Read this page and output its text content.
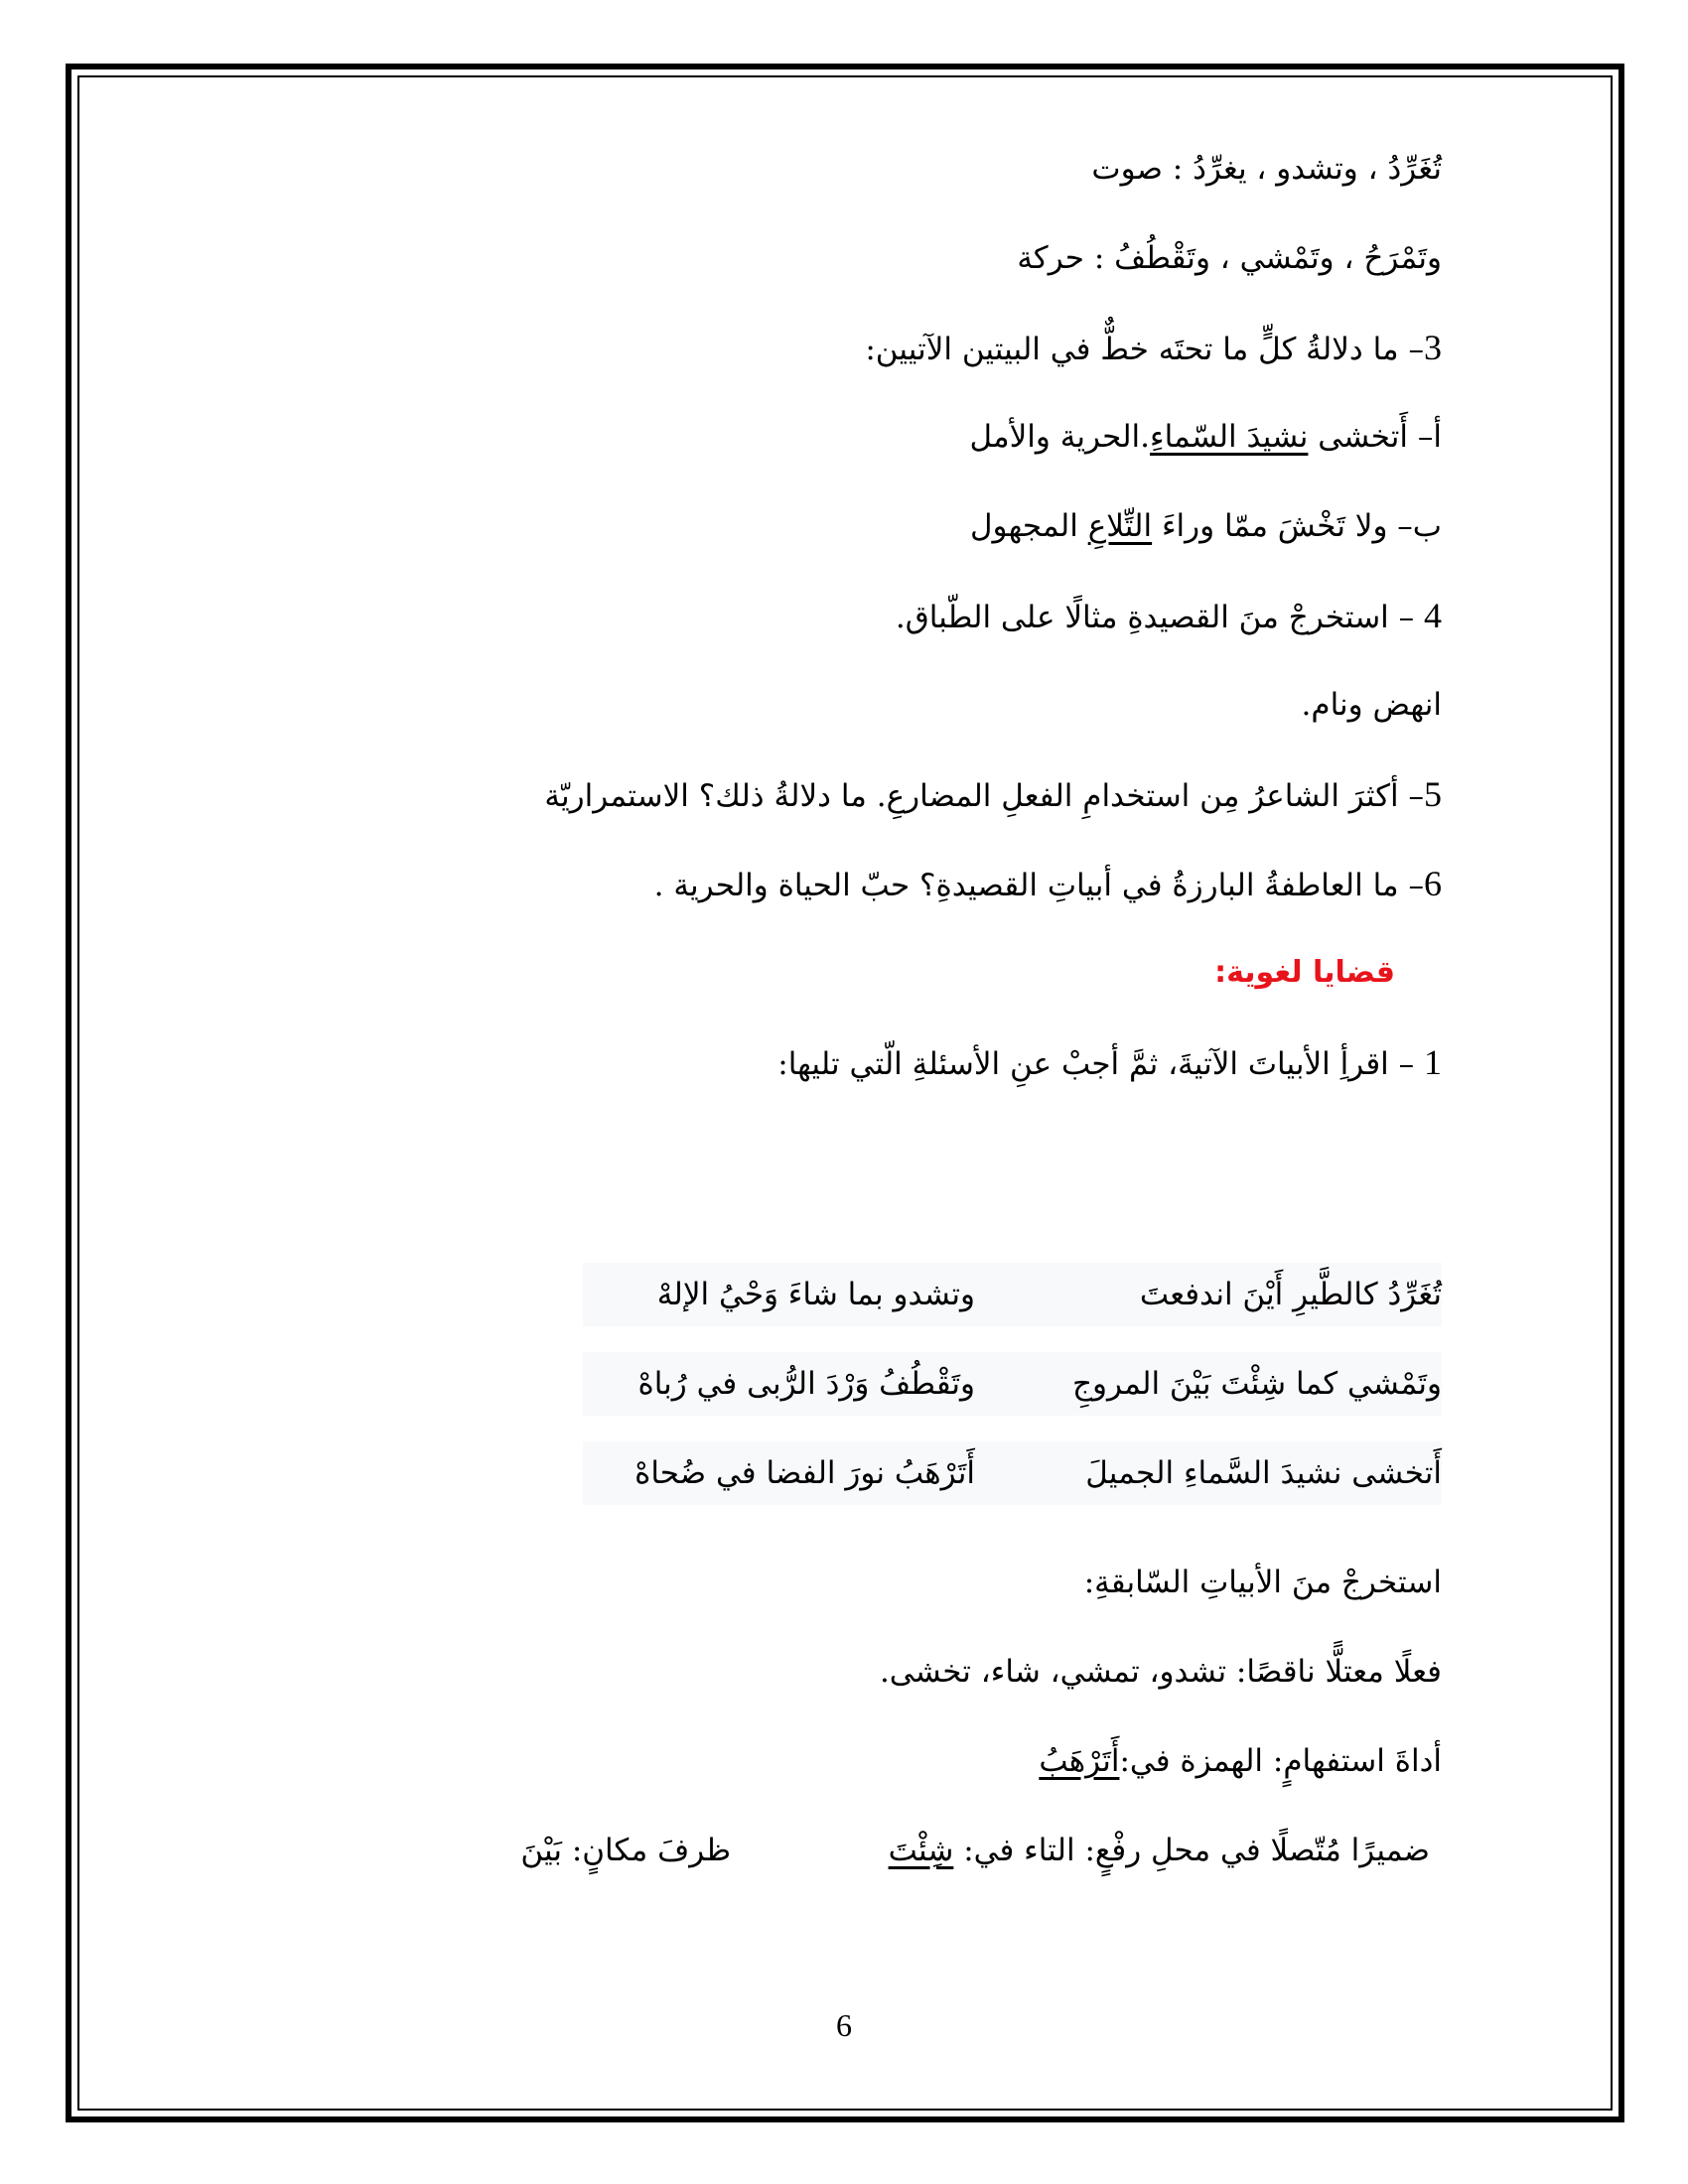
تُغَرِّدُ ، وتشدو ، يغرِّدُ : صوت
وتَمْرَحُ ، وتَمْشي ، وتَقْطُفُ : حركة
3– ما دلالةُ كلٍّ ما تحتَه خطٌّ في البيتين الآتيين:
أ– أَتخشى نشيدَ السّماءِ.الحرية والأمل
ب– ولا تَخْشَ ممّا وراءَ التِّلاعِ المجهول
4 – استخرجْ منَ القصيدةِ مثالًا على الطّباق.
انهض ونام.
5– أكثرَ الشاعرُ مِن استخدامِ الفعلِ المضارعِ. ما دلالةُ ذلك؟ الاستمراريّة
6– ما العاطفةُ البارزةُ في أبياتِ القصيدةِ؟ حبّ الحياة والحرية .
قضايا لغوية:
1 – اقرأِ الأبياتَ الآتيةَ، ثمَّ أجبْ عنِ الأسئلةِ الّتي تليها:
تُغَرِّدُ كالطَّيرِ أَيْنَ اندفعتَ
وتشدو بما شاءَ وَحْيُ الإلهْ
وتَمْشي كما شِئْتَ بَيْنَ المروجِ
وتَقْطُفُ وَرْدَ الرُّبى في رُباهْ
أَتخشى نشيدَ السَّماءِ الجميلَ
أَتَرْهَبُ نورَ الفضا في ضُحاهْ
استخرجْ منَ الأبياتِ السّابقةِ:
فعلًا معتلًّا ناقصًا: تشدو، تمشي، شاء، تخشى.
أداةَ استفهامٍ: الهمزة في:أَتَرْهَبُ
ضميرًا مُتّصلًا في محلِ رفْعٍ: التاء في: شِئْتَ
ظرفَ مكانٍ: بَيْنَ
6
